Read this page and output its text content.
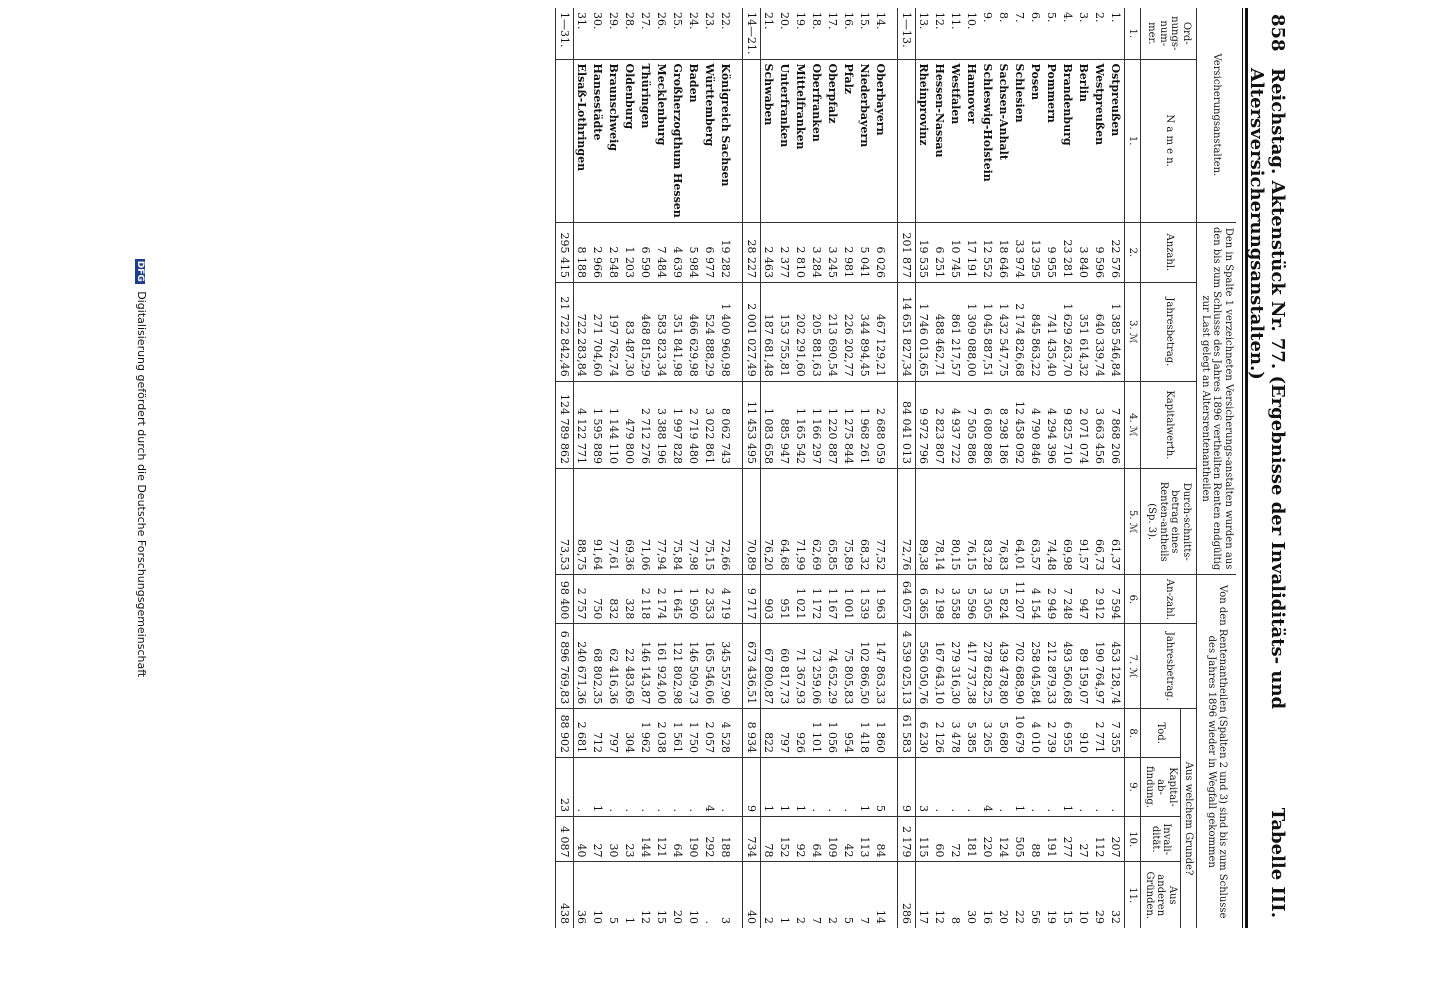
858
Reichstag. Aktenstück Nr. 77. (Ergebnisse der Invaliditäts- und Altersversicherungsanstalten.)
Tabelle III.
Versicherungsanstalten.		Den in Spalte 1 verzeichneten Versicherungs-anstalten wurden aus den bis zum Schlusse des Jahres 1896 vertheilten Renten endgültig zur Last gelegt an Altersrentenantheilen				Von den Rentenantheilen (Spalten 2 und 3) sind bis zum Schlusse des Jahres 1896 wieder in Wegfall gekommen					
Ord-nungs-num-mer.	N a m e n.	Anzahl.	Jahresbetrag.	Kapitalwerth.	Durch-schnitts-betrag eines Renten-antheils (Sp. 3).	An-zahl.	Jahresbetrag.	Aus welchem Grunde?			
								Tod.	Kapital-ab-findung.	Invali-dität.	Aus anderen Gründen.
1.	1.	2.	3. ℳ	4. ℳ	5. ℳ	6.	7. ℳ	8.	9.	10.	11.
1.	Ostpreußen	22 576	1 385 546,84	7 868 206	61,37	7 594	453 128,74	7 355	.	207	32
2.	Westpreußen	9 596	640 339,74	3 663 456	66,73	2 912	190 764,97	2 771	.	112	29
3.	Berlin	3 840	351 614,32	2 071 074	91,57	947	89 159,07	910	.	27	10
4.	Brandenburg	23 281	1 629 263,70	9 825 710	69,98	7 248	493 560,68	6 955	1	277	15
5.	Pommern	9 955	741 435,40	4 294 396	74,48	2 949	212 879,33	2 739	.	191	19
6.	Posen	13 295	845 863,22	4 790 846	63,57	4 154	258 045,84	4 010	.	88	56
7.	Schlesien	33 974	2 174 826,68	12 458 092	64,01	11 207	702 688,90	10 679	1	505	22
8.	Sachsen-Anhalt	18 646	1 432 547,75	8 298 186	76,83	5 824	439 478,80	5 680	.	124	20
9.	Schleswig-Holstein	12 552	1 045 887,51	6 080 886	83,28	3 505	278 628,25	3 265	4	220	16
10.	Hannover	17 191	1 309 088,00	7 505 886	76,15	5 596	417 737,38	5 385	.	181	30
11.	Westfalen	10 745	861 217,57	4 937 722	80,15	3 558	279 316,30	3 478	.	72	8
12.	Hessen-Nassau	6 251	488 462,71	2 823 807	78,14	2 198	167 643,10	2 126	.	60	12
13.	Rheinprovinz	19 535	1 746 013,65	9 972 796	89,38	6 365	556 050,76	6 230	3	115	17
1—13.		201 877	14 651 827,34	84 041 013	72,76	64 057	4 539 025,13	61 583	9	2 179	286

14.	Oberbayern	6 026	467 129,21	2 688 059	77,52	1 963	147 863,33	1 860	5	84	14
15.	Niederbayern	5 041	344 894,45	1 968 261	68,32	1 539	102 866,50	1 418	1	113	7
16.	Pfalz	2 981	226 202,77	1 275 844	75,89	1 001	75 805,83	954	.	42	5
17.	Oberpfalz	3 245	213 690,54	1 220 887	65,85	1 167	74 652,29	1 056	.	109	2
18.	Oberfranken	3 284	205 881,63	1 166 297	62,69	1 172	73 259,06	1 101	.	64	7
19.	Mittelfranken	2 810	202 291,60	1 165 542	71,99	1 021	71 367,93	926	1	92	2
20.	Unterfranken	2 377	153 755,81	885 947	64,68	951	60 817,73	797	1	152	1
21.	Schwaben	2 463	187 681,48	1 083 658	76,20	903	67 800,87	822	1	78	2
14—21.		28 227	2 001 027,49	11 453 495	70,89	9 717	673 436,51	8 934	9	734	40

22.	Königreich Sachsen	19 282	1 400 960,98	8 062 743	72,66	4 719	345 557,90	4 528	.	188	3
23.	Württemberg	6 977	524 888,29	3 022 861	75,15	2 353	165 546,06	2 057	4	292	.
24.	Baden	5 984	466 629,98	2 719 480	77,98	1 950	146 509,73	1 750	.	190	10
25.	Großherzogthum Hessen	4 639	351 841,98	1 997 828	75,84	1 645	121 802,98	1 561	.	64	20
26.	Mecklenburg	7 484	583 823,34	3 388 196	77,94	2 174	161 924,00	2 038	.	121	15
27.	Thüringen	6 590	468 815,29	2 712 276	71,06	2 118	146 143,87	1 962	.	144	12
28.	Oldenburg	1 203	83 487,30	479 800	69,36	328	22 483,69	304	.	23	1
29.	Braunschweig	2 548	197 762,74	1 144 110	77,61	832	62 416,36	797	.	30	5
30.	Hansestädte	2 966	271 704,60	1 595 889	91,64	750	68 802,35	712	1	27	10
31.	Elsaß-Lothringen	8 188	722 283,84	4 122 771	88,75	2 757	240 671,36	2 681	.	40	36
1—31.		295 415	21 722 842,46	124 789 862	73,53	98 400	6 896 769,83	88 902	23	4 087	438
DFG Digitalisierung gefördert durch die Deutsche Forschungsgemeinschaft
